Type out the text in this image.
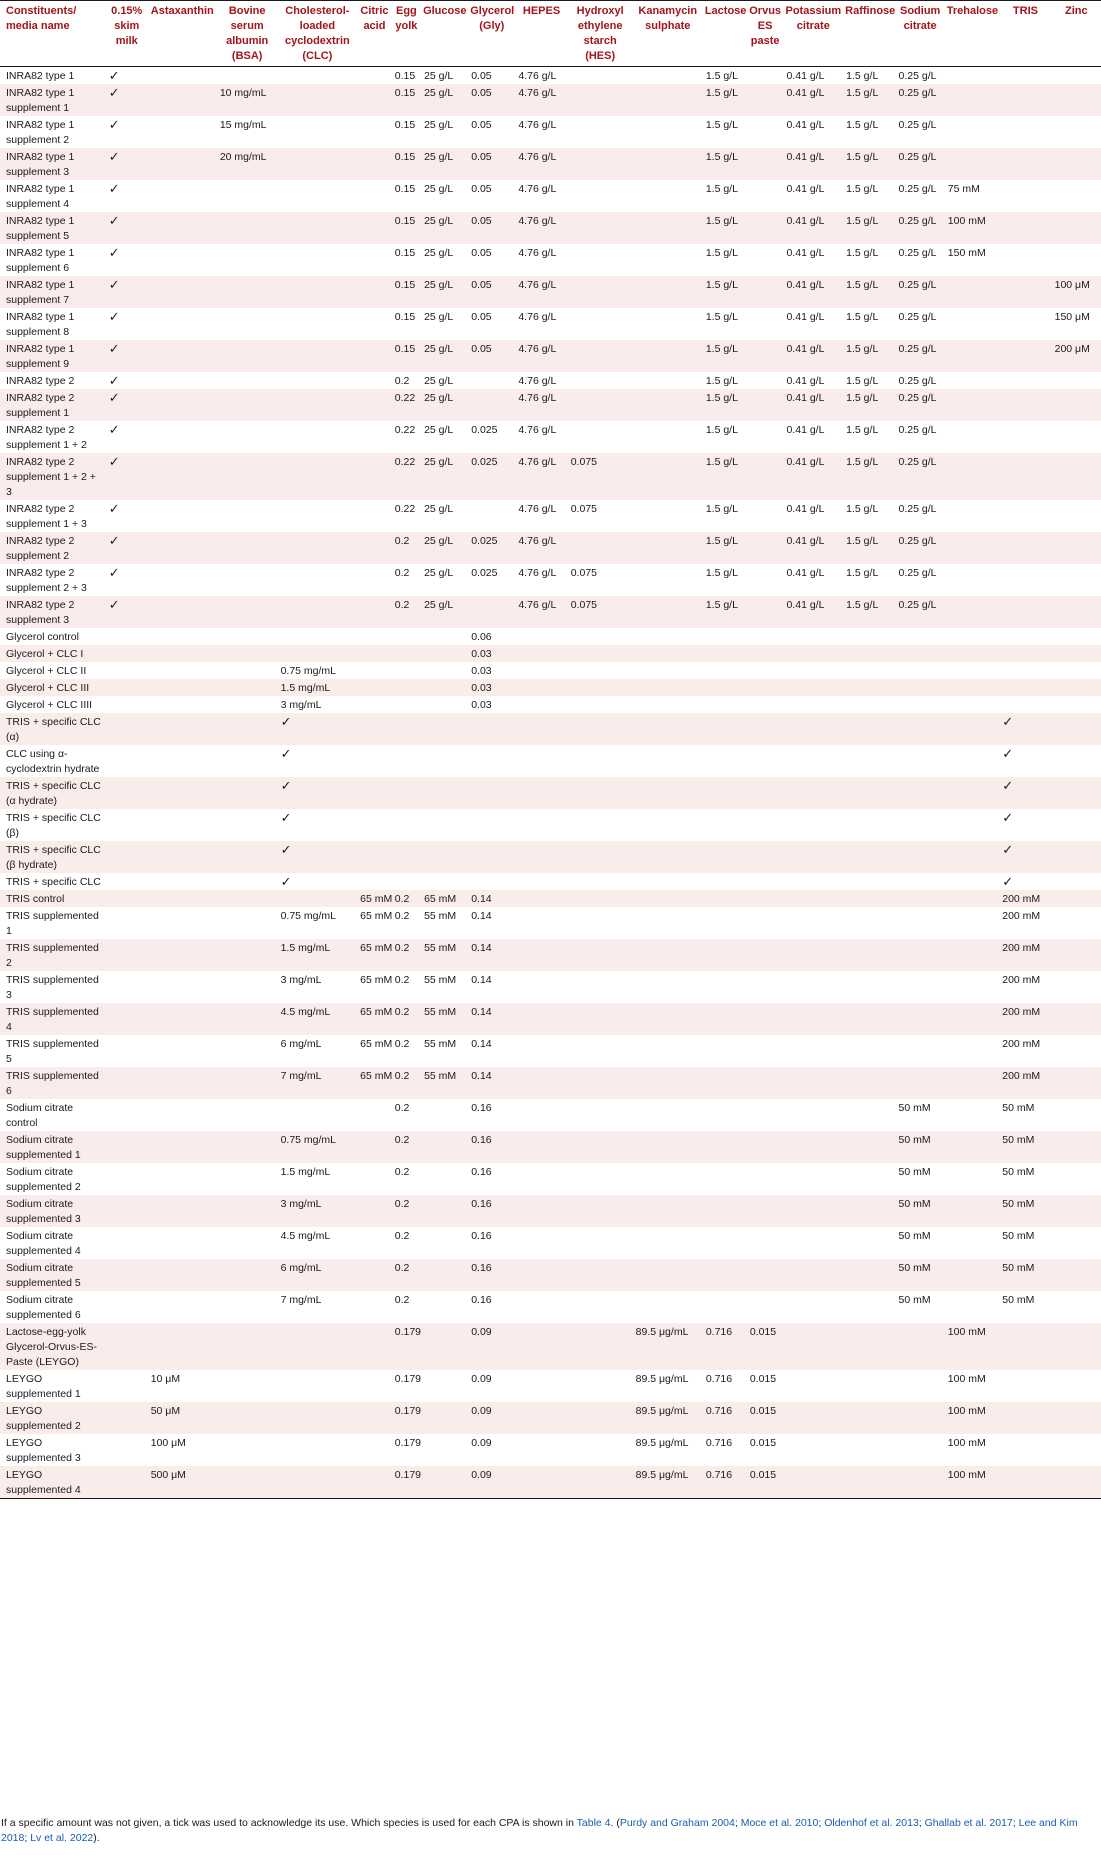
Constituents/ media name	0.15% skim milk	Astaxanthin	Bovine serum albumin (BSA)	Cholesterol-loaded cyclodextrin (CLC)	Citric acid	Egg yolk	Glucose	Glycerol (Gly)	HEPES	Hydroxyl ethylene starch (HES)	Kanamycin sulphate	Lactose	Orvus ES paste	Potassium citrate	Raffinose	Sodium citrate	Trehalose	TRIS	Zinc
INRA82 type 1	✓					0.15	25 g/L	0.05	4.76 g/L			1.5 g/L		0.41 g/L	1.5 g/L	0.25 g/L			
INRA82 type 1 supplement 1	✓		10 mg/mL			0.15	25 g/L	0.05	4.76 g/L			1.5 g/L		0.41 g/L	1.5 g/L	0.25 g/L			
INRA82 type 1 supplement 2	✓		15 mg/mL			0.15	25 g/L	0.05	4.76 g/L			1.5 g/L		0.41 g/L	1.5 g/L	0.25 g/L			
INRA82 type 1 supplement 3	✓		20 mg/mL			0.15	25 g/L	0.05	4.76 g/L			1.5 g/L		0.41 g/L	1.5 g/L	0.25 g/L			
INRA82 type 1 supplement 4	✓					0.15	25 g/L	0.05	4.76 g/L			1.5 g/L		0.41 g/L	1.5 g/L	0.25 g/L	75 mM		
INRA82 type 1 supplement 5	✓					0.15	25 g/L	0.05	4.76 g/L			1.5 g/L		0.41 g/L	1.5 g/L	0.25 g/L	100 mM		
INRA82 type 1 supplement 6	✓					0.15	25 g/L	0.05	4.76 g/L			1.5 g/L		0.41 g/L	1.5 g/L	0.25 g/L	150 mM		
INRA82 type 1 supplement 7	✓					0.15	25 g/L	0.05	4.76 g/L			1.5 g/L		0.41 g/L	1.5 g/L	0.25 g/L			100 μM
INRA82 type 1 supplement 8	✓					0.15	25 g/L	0.05	4.76 g/L			1.5 g/L		0.41 g/L	1.5 g/L	0.25 g/L			150 μM
INRA82 type 1 supplement 9	✓					0.15	25 g/L	0.05	4.76 g/L			1.5 g/L		0.41 g/L	1.5 g/L	0.25 g/L			200 μM
INRA82 type 2	✓					0.2	25 g/L		4.76 g/L			1.5 g/L		0.41 g/L	1.5 g/L	0.25 g/L			
INRA82 type 2 supplement 1	✓					0.22	25 g/L		4.76 g/L			1.5 g/L		0.41 g/L	1.5 g/L	0.25 g/L			
INRA82 type 2 supplement 1 + 2	✓					0.22	25 g/L	0.025	4.76 g/L			1.5 g/L		0.41 g/L	1.5 g/L	0.25 g/L			
INRA82 type 2 supplement 1 + 2 + 3	✓					0.22	25 g/L	0.025	4.76 g/L	0.075		1.5 g/L		0.41 g/L	1.5 g/L	0.25 g/L			
INRA82 type 2 supplement 1 + 3	✓					0.22	25 g/L		4.76 g/L	0.075		1.5 g/L		0.41 g/L	1.5 g/L	0.25 g/L			
INRA82 type 2 supplement 2	✓					0.2	25 g/L	0.025	4.76 g/L			1.5 g/L		0.41 g/L	1.5 g/L	0.25 g/L			
INRA82 type 2 supplement 2 + 3	✓					0.2	25 g/L	0.025	4.76 g/L	0.075		1.5 g/L		0.41 g/L	1.5 g/L	0.25 g/L			
INRA82 type 2 supplement 3	✓					0.2	25 g/L		4.76 g/L	0.075		1.5 g/L		0.41 g/L	1.5 g/L	0.25 g/L			
Glycerol control								0.06											
Glycerol + CLC I								0.03											
Glycerol + CLC II				0.75 mg/mL				0.03											
Glycerol + CLC III				1.5 mg/mL				0.03											
Glycerol + CLC IIII				3 mg/mL				0.03											
TRIS + specific CLC (α)				✓														✓	
CLC using α-cyclodextrin hydrate				✓														✓	
TRIS + specific CLC (α hydrate)				✓														✓	
TRIS + specific CLC (β)				✓														✓	
TRIS + specific CLC (β hydrate)				✓														✓	
TRIS + specific CLC				✓														✓	
TRIS control					65 mM	0.2	65 mM	0.14										200 mM	
TRIS supplemented 1				0.75 mg/mL	65 mM	0.2	55 mM	0.14										200 mM	
TRIS supplemented 2				1.5 mg/mL	65 mM	0.2	55 mM	0.14										200 mM	
TRIS supplemented 3				3 mg/mL	65 mM	0.2	55 mM	0.14										200 mM	
TRIS supplemented 4				4.5 mg/mL	65 mM	0.2	55 mM	0.14										200 mM	
TRIS supplemented 5				6 mg/mL	65 mM	0.2	55 mM	0.14										200 mM	
TRIS supplemented 6				7 mg/mL	65 mM	0.2	55 mM	0.14										200 mM	
Sodium citrate control						0.2		0.16								50 mM		50 mM	
Sodium citrate supplemented 1				0.75 mg/mL		0.2		0.16								50 mM		50 mM	
Sodium citrate supplemented 2				1.5 mg/mL		0.2		0.16								50 mM		50 mM	
Sodium citrate supplemented 3				3 mg/mL		0.2		0.16								50 mM		50 mM	
Sodium citrate supplemented 4				4.5 mg/mL		0.2		0.16								50 mM		50 mM	
Sodium citrate supplemented 5				6 mg/mL		0.2		0.16								50 mM		50 mM	
Sodium citrate supplemented 6				7 mg/mL		0.2		0.16								50 mM		50 mM	
Lactose-egg-yolk Glycerol-Orvus-ES-Paste (LEYGO)						0.179		0.09			89.5 μg/mL	0.716	0.015				100 mM		
LEYGO supplemented 1		10 μM				0.179		0.09			89.5 μg/mL	0.716	0.015				100 mM		
LEYGO supplemented 2		50 μM				0.179		0.09			89.5 μg/mL	0.716	0.015				100 mM		
LEYGO supplemented 3		100 μM				0.179		0.09			89.5 μg/mL	0.716	0.015				100 mM		
LEYGO supplemented 4		500 μM				0.179		0.09			89.5 μg/mL	0.716	0.015				100 mM		
If a specific amount was not given, a tick was used to acknowledge its use. Which species is used for each CPA is shown in Table 4. (Purdy and Graham 2004; Moce et al. 2010; Oldenhof et al. 2013; Ghallab et al. 2017; Lee and Kim 2018; Lv et al. 2022).
